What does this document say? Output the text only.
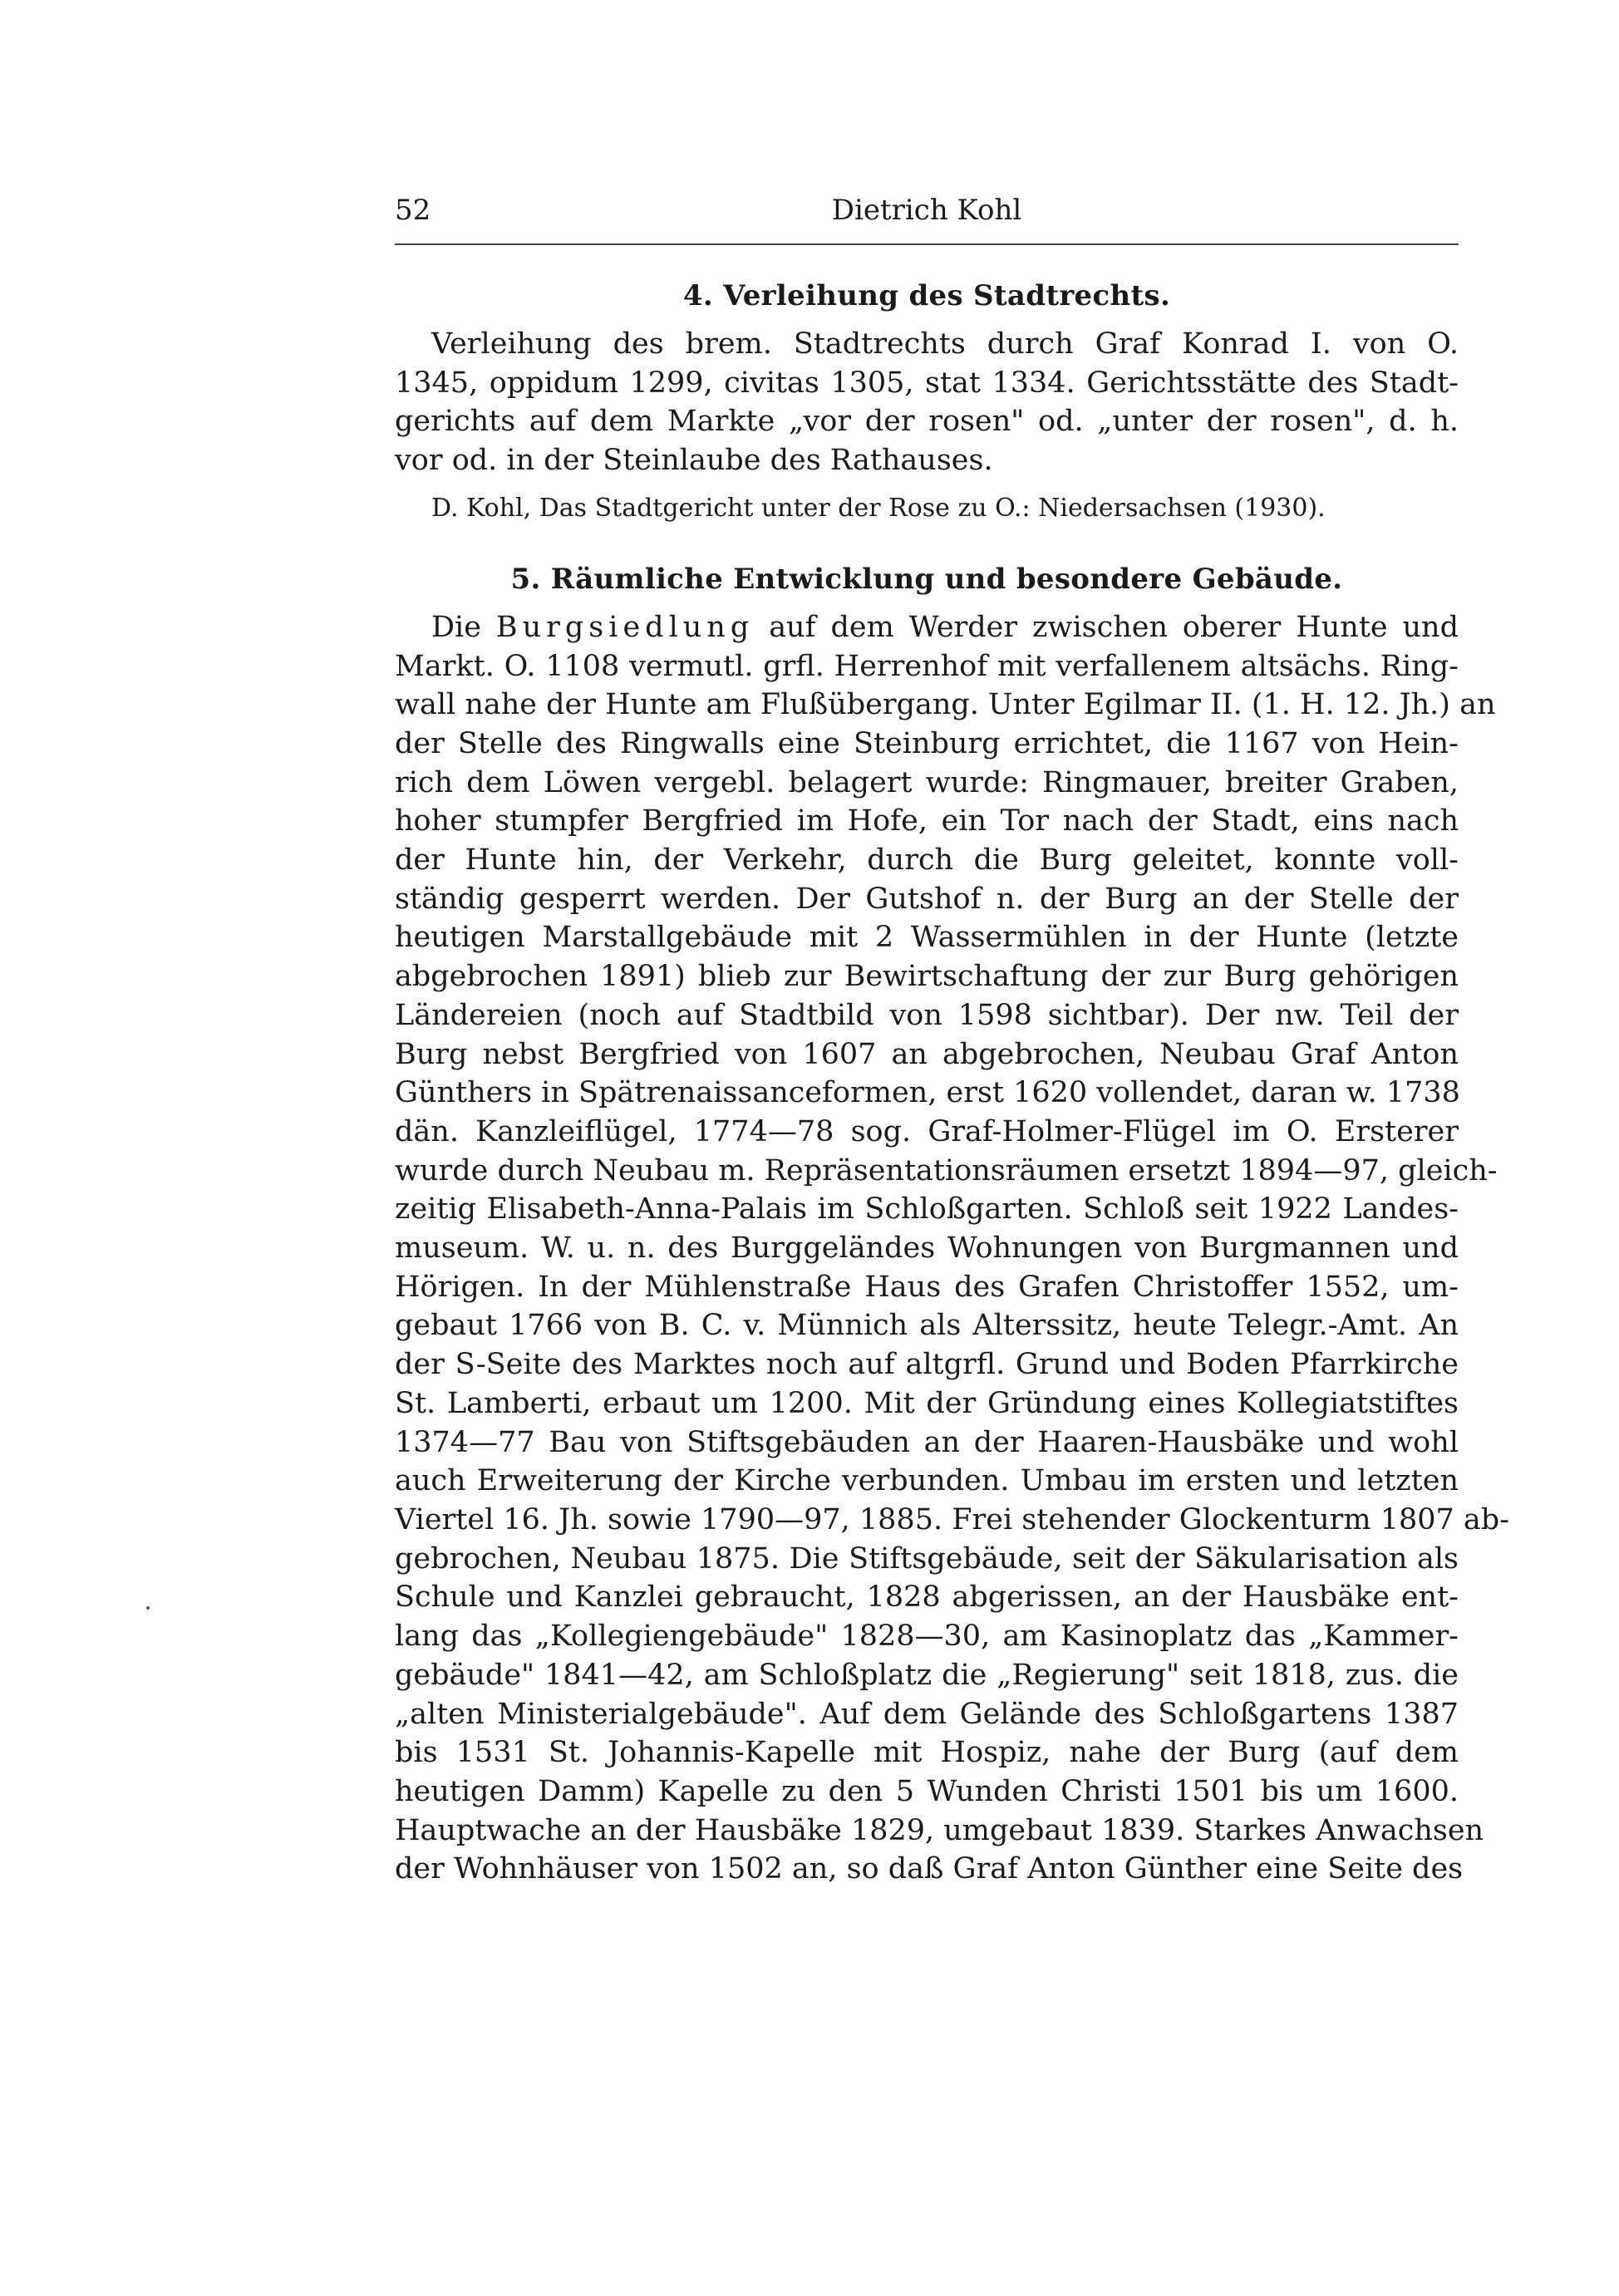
52	Dietrich Kohl
4. Verleihung des Stadtrechts.
Verleihung des brem. Stadtrechts durch Graf Konrad I. von O.
1345, oppidum 1299, civitas 1305, stat 1334. Gerichtsstätte des Stadt-
gerichts auf dem Markte „vor der rosen" od. „unter der rosen", d. h.
vor od. in der Steinlaube des Rathauses.
D. Kohl, Das Stadtgericht unter der Rose zu O.: Niedersachsen (1930).
5. Räumliche Entwicklung und besondere Gebäude.
Die Burgsiedlung auf dem Werder zwischen oberer Hunte und
Markt. O. 1108 vermutl. grfl. Herrenhof mit verfallenem altsächs. Ring-
wall nahe der Hunte am Flußübergang. Unter Egilmar II. (1. H. 12. Jh.) an
der Stelle des Ringwalls eine Steinburg errichtet, die 1167 von Hein-
rich dem Löwen vergebl. belagert wurde: Ringmauer, breiter Graben,
hoher stumpfer Bergfried im Hofe, ein Tor nach der Stadt, eins nach
der Hunte hin, der Verkehr, durch die Burg geleitet, konnte voll-
ständig gesperrt werden. Der Gutshof n. der Burg an der Stelle der
heutigen Marstallgebäude mit 2 Wassermühlen in der Hunte (letzte
abgebrochen 1891) blieb zur Bewirtschaftung der zur Burg gehörigen
Ländereien (noch auf Stadtbild von 1598 sichtbar). Der nw. Teil der
Burg nebst Bergfried von 1607 an abgebrochen, Neubau Graf Anton
Günthers in Spätrenaissanceformen, erst 1620 vollendet, daran w. 1738
dän. Kanzleiflügel, 1774—78 sog. Graf-Holmer-Flügel im O. Ersterer
wurde durch Neubau m. Repräsentationsräumen ersetzt 1894—97, gleich-
zeitig Elisabeth-Anna-Palais im Schloßgarten. Schloß seit 1922 Landes-
museum. W. u. n. des Burggeländes Wohnungen von Burgmannen und
Hörigen. In der Mühlenstraße Haus des Grafen Christoffer 1552, um-
gebaut 1766 von B. C. v. Münnich als Alterssitz, heute Telegr.-Amt. An
der S-Seite des Marktes noch auf altgrfl. Grund und Boden Pfarrkirche
St. Lamberti, erbaut um 1200. Mit der Gründung eines Kollegiatstiftes
1374—77 Bau von Stiftsgebäuden an der Haaren-Hausbäke und wohl
auch Erweiterung der Kirche verbunden. Umbau im ersten und letzten
Viertel 16. Jh. sowie 1790—97, 1885. Frei stehender Glockenturm 1807 ab-
gebrochen, Neubau 1875. Die Stiftsgebäude, seit der Säkularisation als
Schule und Kanzlei gebraucht, 1828 abgerissen, an der Hausbäke ent-
lang das „Kollegiengebäude" 1828—30, am Kasinoplatz das „Kammer-
gebäude" 1841—42, am Schloßplatz die „Regierung" seit 1818, zus. die
„alten Ministerialgebäude". Auf dem Gelände des Schloßgartens 1387
bis 1531 St. Johannis-Kapelle mit Hospiz, nahe der Burg (auf dem
heutigen Damm) Kapelle zu den 5 Wunden Christi 1501 bis um 1600.
Hauptwache an der Hausbäke 1829, umgebaut 1839. Starkes Anwachsen
der Wohnhäuser von 1502 an, so daß Graf Anton Günther eine Seite des
